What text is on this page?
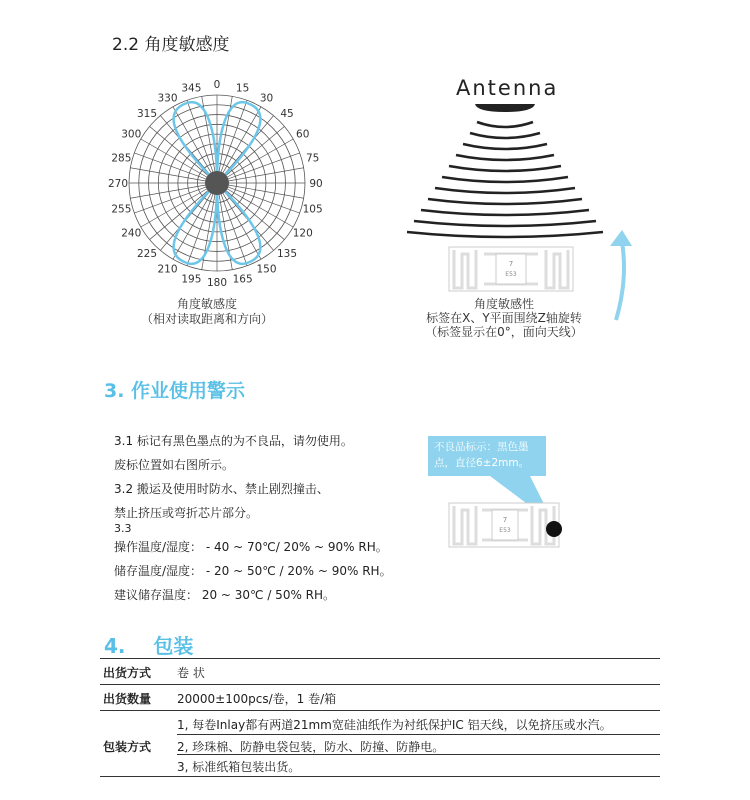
2.2 角度敏感度
0 15
30
45
60
75
90
105
120
135
150
165
180
195
210
225
240
255
270
285
300
315
330
345
角度敏感度
（相对读取距离和方向）
Antenna
7
E53
角度敏感性
标签在X、Y平面围绕Z轴旋转
（标签显示在0°，面向天线）
3. 作业使用警示
3.1 标记有黑色墨点的为不良品，请勿使用。
废标位置如右图所示。
3.2 搬运及使用时防水、禁止剧烈撞击、
禁止挤压或弯折芯片部分。
3.3
操作温度/湿度： - 40 ~ 70℃/ 20% ~ 90% RH。
储存温度/湿度： - 20 ~ 50℃ / 20% ~ 90% RH。
建议储存温度： 20 ~ 30℃ / 50% RH。
不良品标示：黑色墨点，直径6±2mm。
7
E53
4.    包装
出货方式 卷 状
出货数量 20000±100pcs/卷，1 卷/箱
包装方式
1, 每卷Inlay都有两道21mm宽硅油纸作为衬纸保护IC 铝天线，以免挤压或水汽。
2, 珍珠棉、防静电袋包装，防水、防撞、防静电。
3, 标准纸箱包装出货。
